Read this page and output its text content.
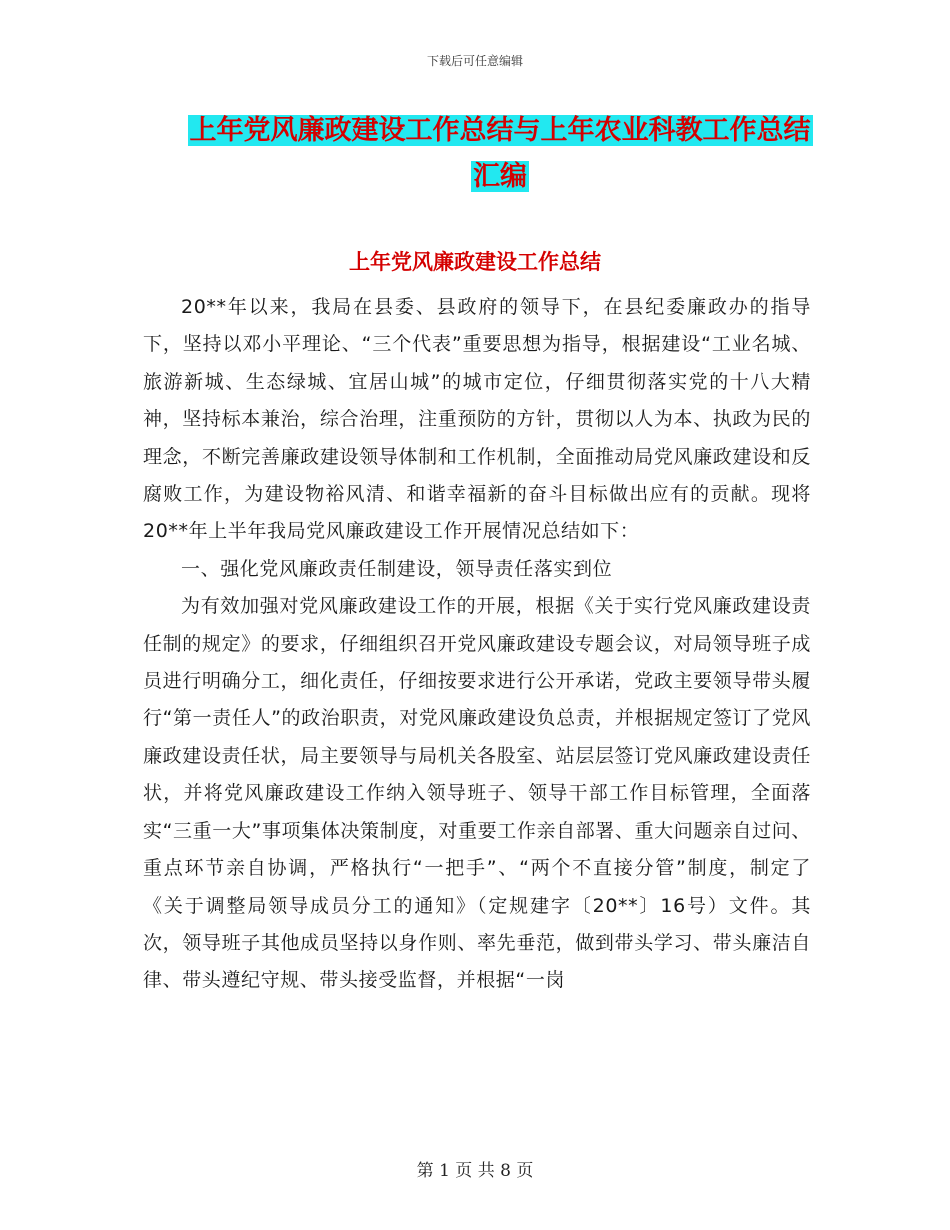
下载后可任意编辑
上年党风廉政建设工作总结与上年农业科教工作总结
汇编
上年党风廉政建设工作总结

20**年以来，我局在县委、县政府的领导下，在县纪委廉政办的指导下，坚持以邓小平理论、“三个代表”重要思想为指导，根据建设“工业名城、旅游新城、生态绿城、宜居山城”的城市定位，仔细贯彻落实党的十八大精神，坚持标本兼治，综合治理，注重预防的方针，贯彻以人为本、执政为民的理念，不断完善廉政建设领导体制和工作机制，全面推动局党风廉政建设和反腐败工作，为建设物裕风清、和谐幸福新的奋斗目标做出应有的贡献。现将20**年上半年我局党风廉政建设工作开展情况总结如下：

一、强化党风廉政责任制建设，领导责任落实到位

为有效加强对党风廉政建设工作的开展，根据《关于实行党风廉政建设责任制的规定》的要求，仔细组织召开党风廉政建设专题会议，对局领导班子成员进行明确分工，细化责任，仔细按要求进行公开承诺，党政主要领导带头履行“第一责任人”的政治职责，对党风廉政建设负总责，并根据规定签订了党风廉政建设责任状，局主要领导与局机关各股室、站层层签订党风廉政建设责任状，并将党风廉政建设工作纳入领导班子、领导干部工作目标管理，全面落实“三重一大”事项集体决策制度，对重要工作亲自部署、重大问题亲自过问、重点环节亲自协调，严格执行“一把手”、“两个不直接分管”制度，制定了《关于调整局领导成员分工的通知》（定规建字〔20**〕16号）文件。其次，领导班子其他成员坚持以身作则、率先垂范，做到带头学习、带头廉洁自律、带头遵纪守规、带头接受监督，并根据“一岗

第 1 页 共 8 页
